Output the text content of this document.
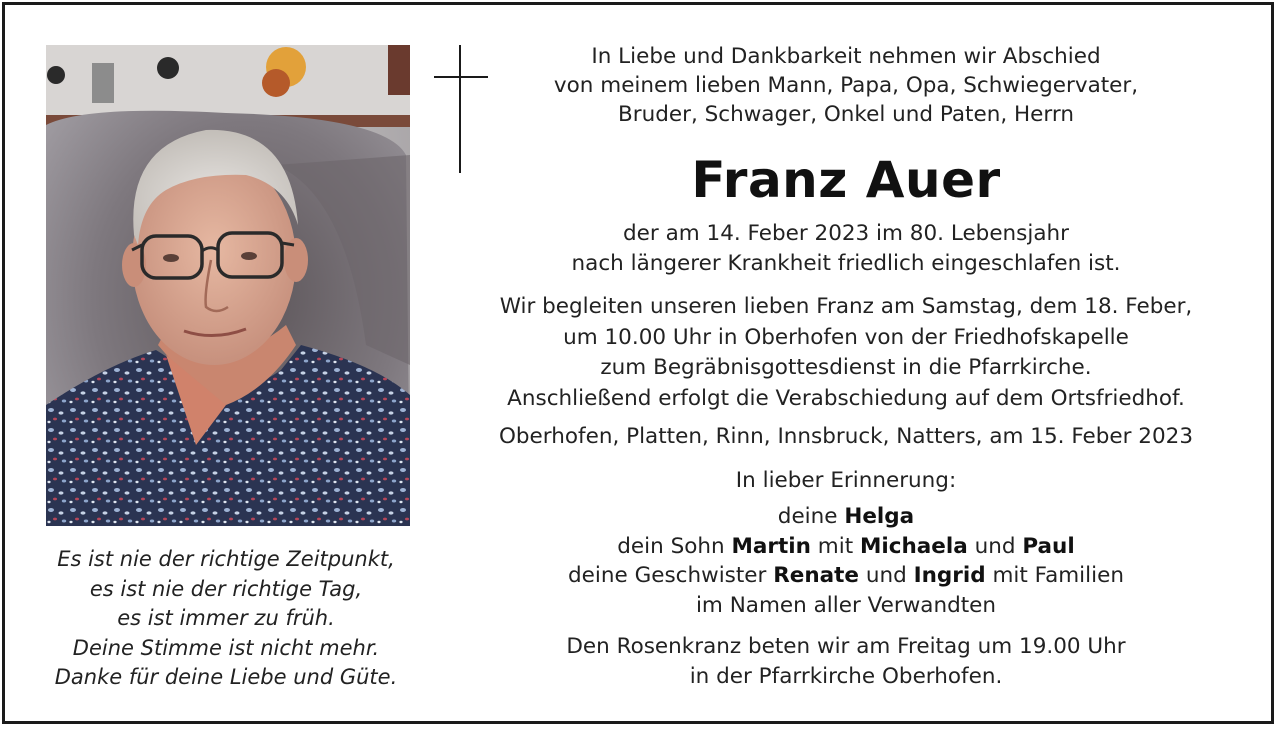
Es ist nie der richtige Zeitpunkt,
es ist nie der richtige Tag,
es ist immer zu früh.
Deine Stimme ist nicht mehr.
Danke für deine Liebe und Güte.
In Liebe und Dankbarkeit nehmen wir Abschied
von meinem lieben Mann, Papa, Opa, Schwiegervater,
Bruder, Schwager, Onkel und Paten, Herrn
Franz Auer
der am 14. Feber 2023 im 80. Lebensjahr
nach längerer Krankheit friedlich eingeschlafen ist.
Wir begleiten unseren lieben Franz am Samstag, dem 18. Feber,
um 10.00 Uhr in Oberhofen von der Friedhofskapelle
zum Begräbnisgottesdienst in die Pfarrkirche.
Anschließend erfolgt die Verabschiedung auf dem Ortsfriedhof.
Oberhofen, Platten, Rinn, Innsbruck, Natters, am 15. Feber 2023
In lieber Erinnerung:
deine Helga
dein Sohn Martin mit Michaela und Paul
deine Geschwister Renate und Ingrid mit Familien
im Namen aller Verwandten
Den Rosenkranz beten wir am Freitag um 19.00 Uhr
in der Pfarrkirche Oberhofen.
